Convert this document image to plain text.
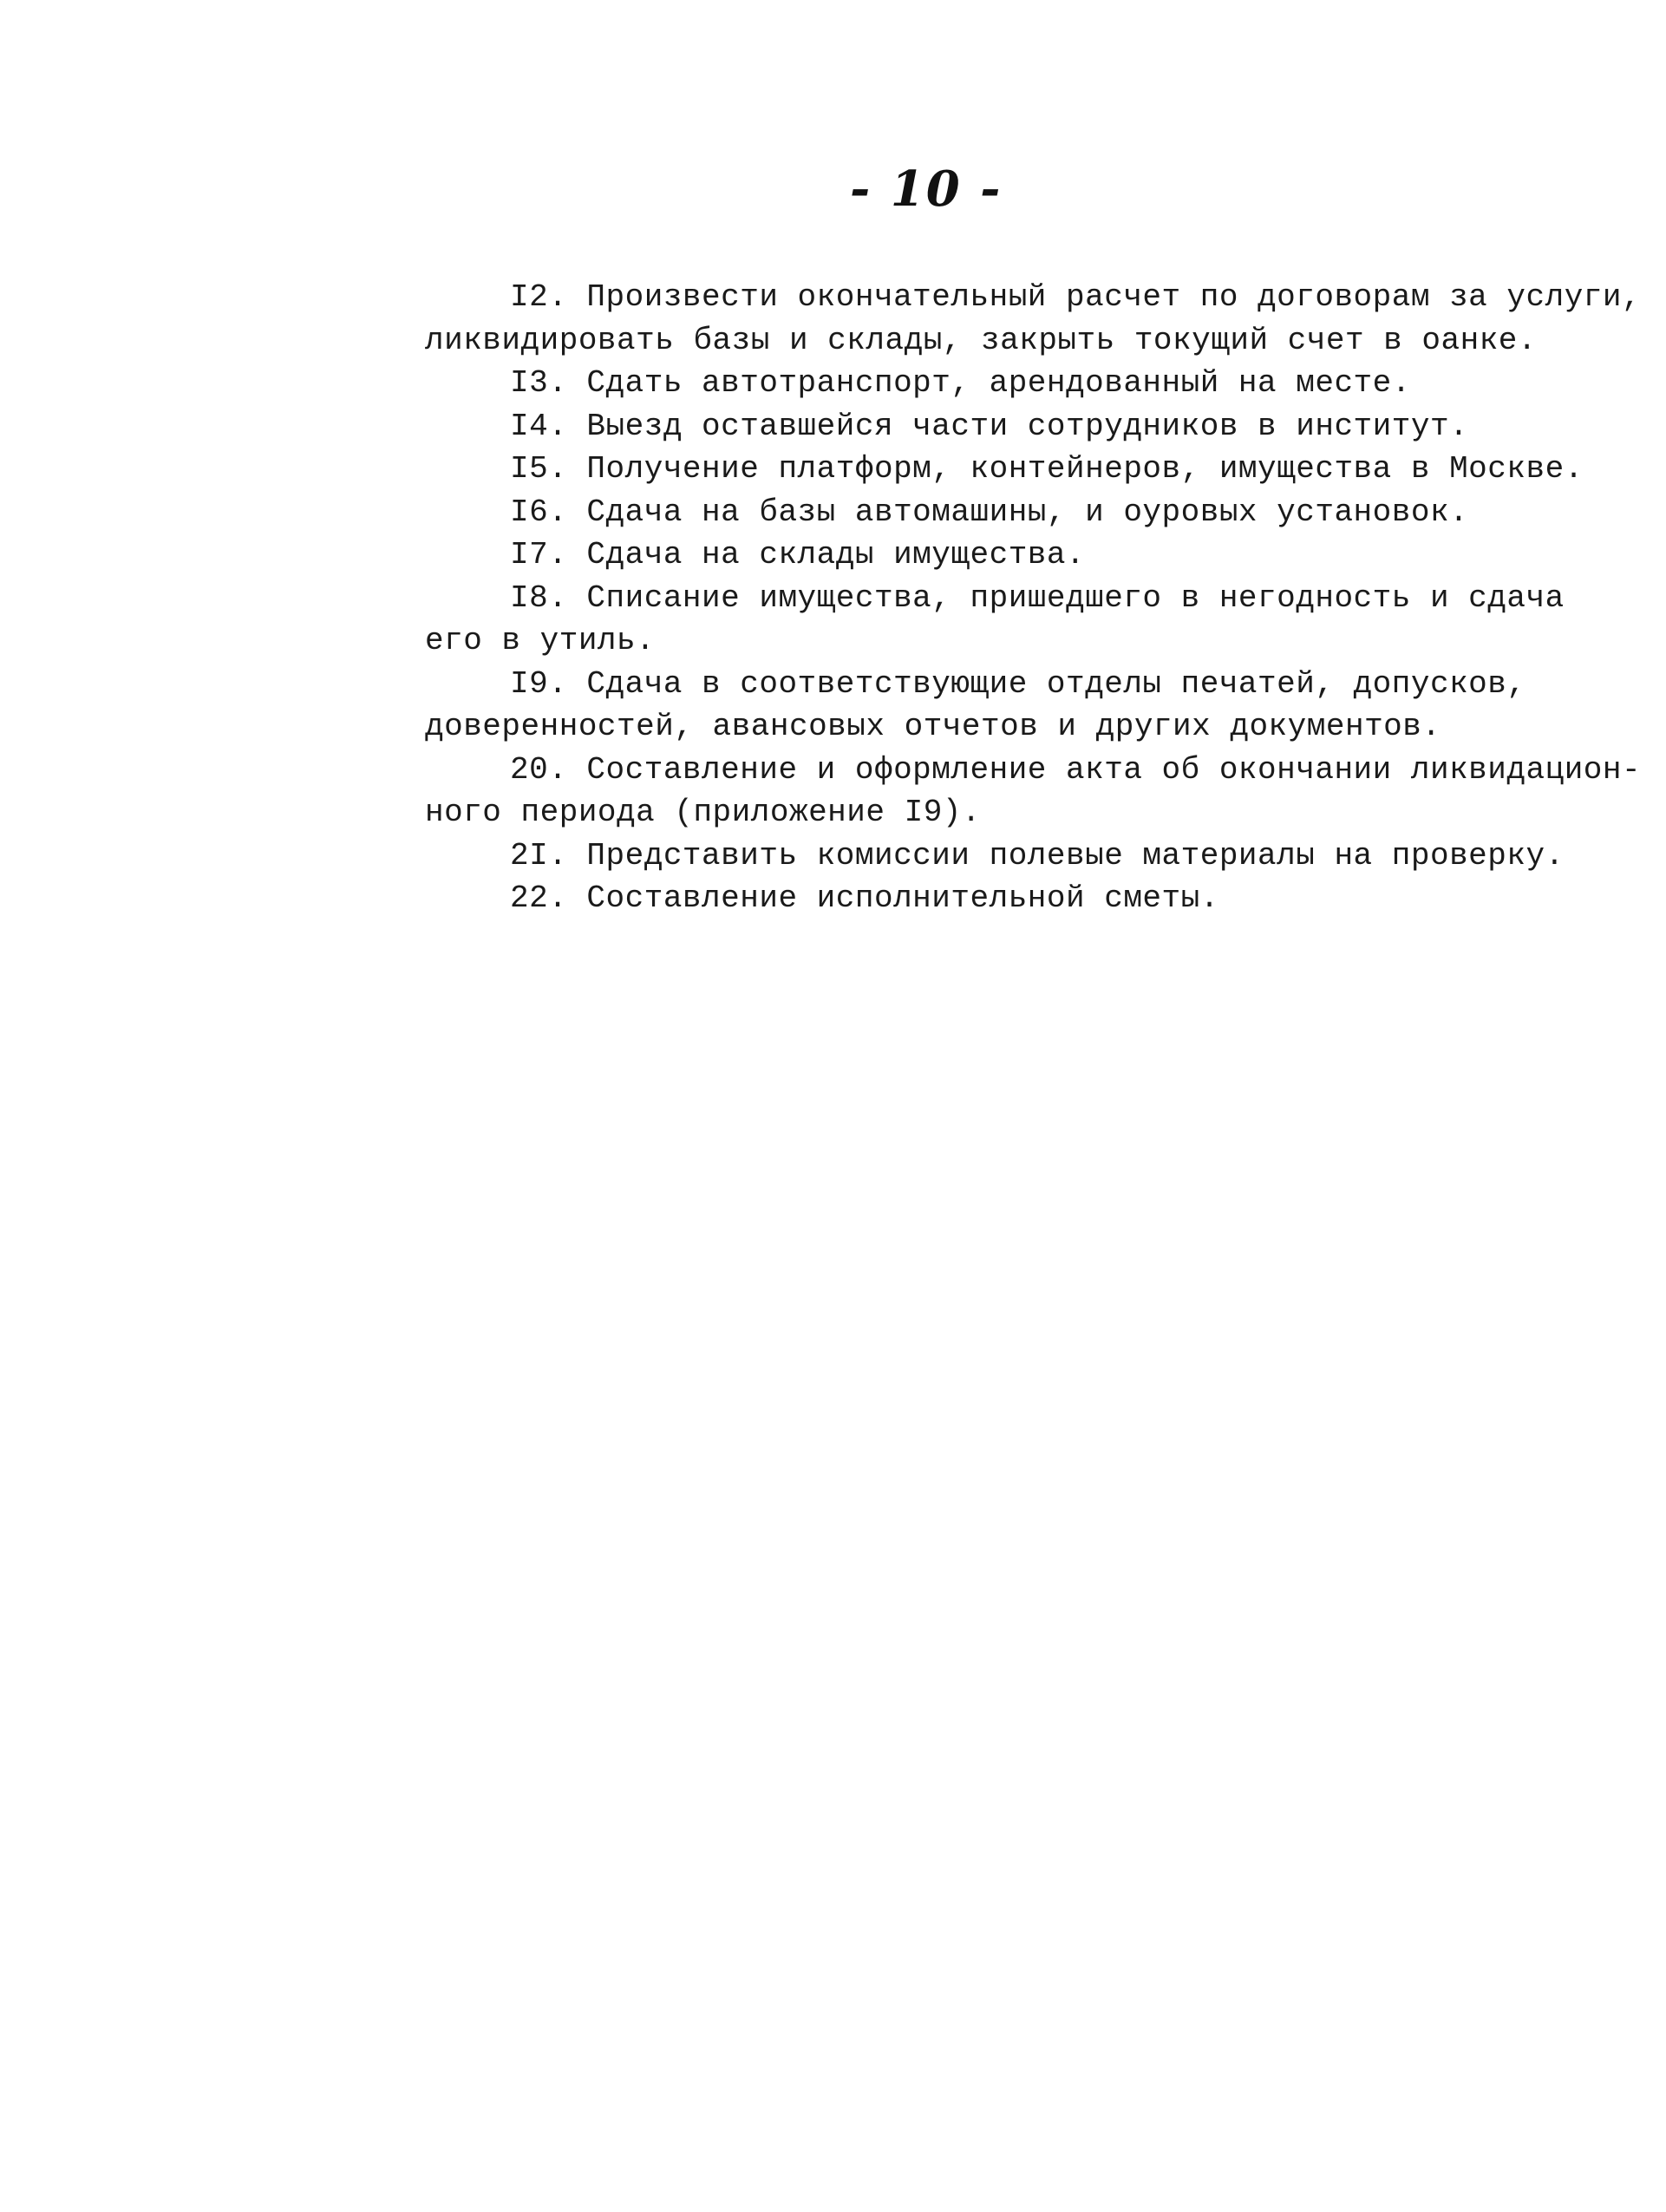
- 10 -
I2. Произвести окончательный расчет по договорам за услуги,
ликвидировать базы и склады, закрыть токущий счет в оанке.
I3. Сдать автотранспорт, арендованный на месте.
I4. Выезд оставшейся части сотрудников в институт.
I5. Получение платформ, контейнеров, имущества в Москве.
I6. Сдача на базы автомашины, и оуровых установок.
I7. Сдача на склады имущества.
I8. Списание имущества, пришедшего в негодность и сдача
его в утиль.
I9. Сдача в соответствующие отделы печатей, допусков,
доверенностей, авансовых отчетов и других документов.
20. Составление и оформление акта об окончании ликвидацион-
ного периода (приложение I9).
2I. Представить комиссии полевые материалы на проверку.
22. Составление исполнительной сметы.
